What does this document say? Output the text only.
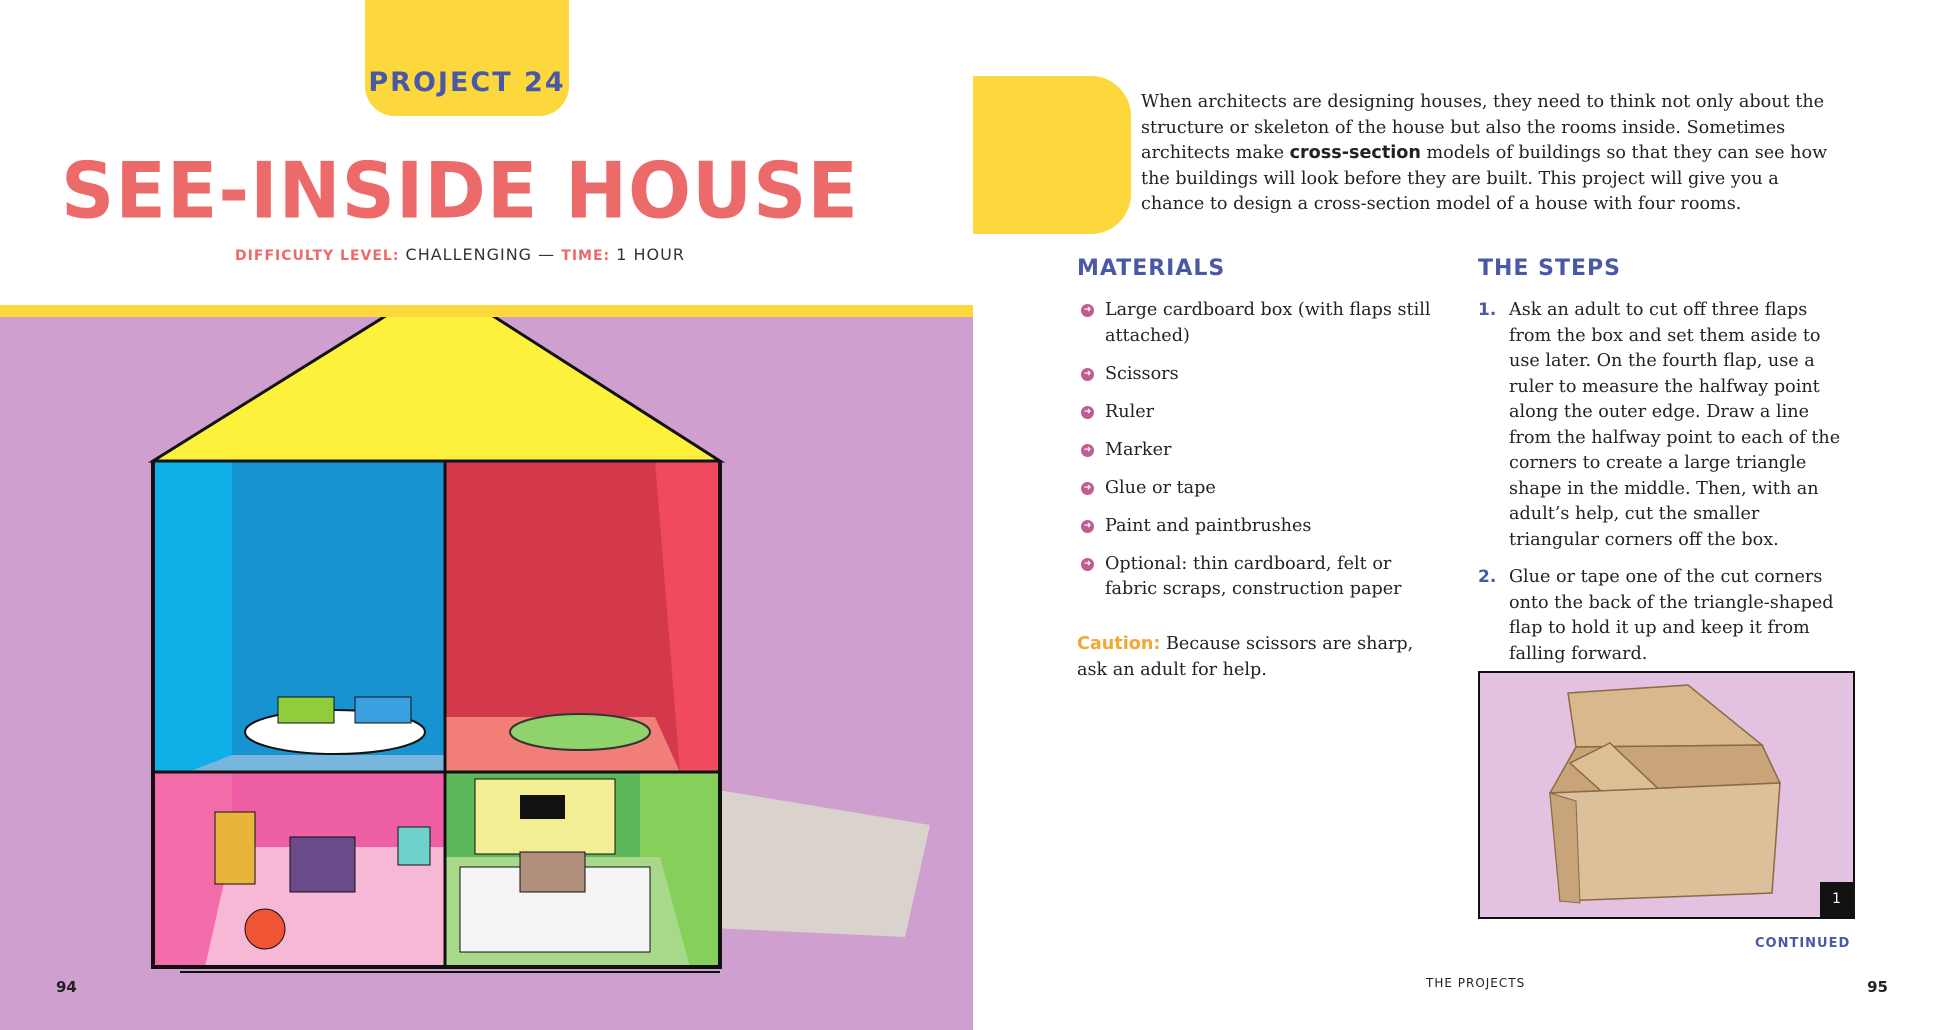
PROJECT 24
SEE-INSIDE HOUSE
DIFFICULTY LEVEL: CHALLENGING — TIME: 1 HOUR
94
When architects are designing houses, they need to think not only about the structure or skeleton of the house but also the rooms inside. Sometimes architects make cross-section models of buildings so that they can see how the buildings will look before they are built. This project will give you a chance to design a cross-section model of a house with four rooms.
MATERIALS
➜ Large cardboard box (with flaps still attached)
➜ Scissors
➜ Ruler
➜ Marker
➜ Glue or tape
➜ Paint and paintbrushes
➜ Optional: thin cardboard, felt or fabric scraps, construction paper
Caution: Because scissors are sharp, ask an adult for help.
THE STEPS
1. Ask an adult to cut off three flaps from the box and set them aside to use later. On the fourth flap, use a ruler to measure the halfway point along the outer edge. Draw a line from the halfway point to each of the corners to create a large triangle shape in the middle. Then, with an adult’s help, cut the smaller triangular corners off the box.
2. Glue or tape one of the cut corners onto the back of the triangle-shaped flap to hold it up and keep it from falling forward.
1
CONTINUED
THE PROJECTS	95
